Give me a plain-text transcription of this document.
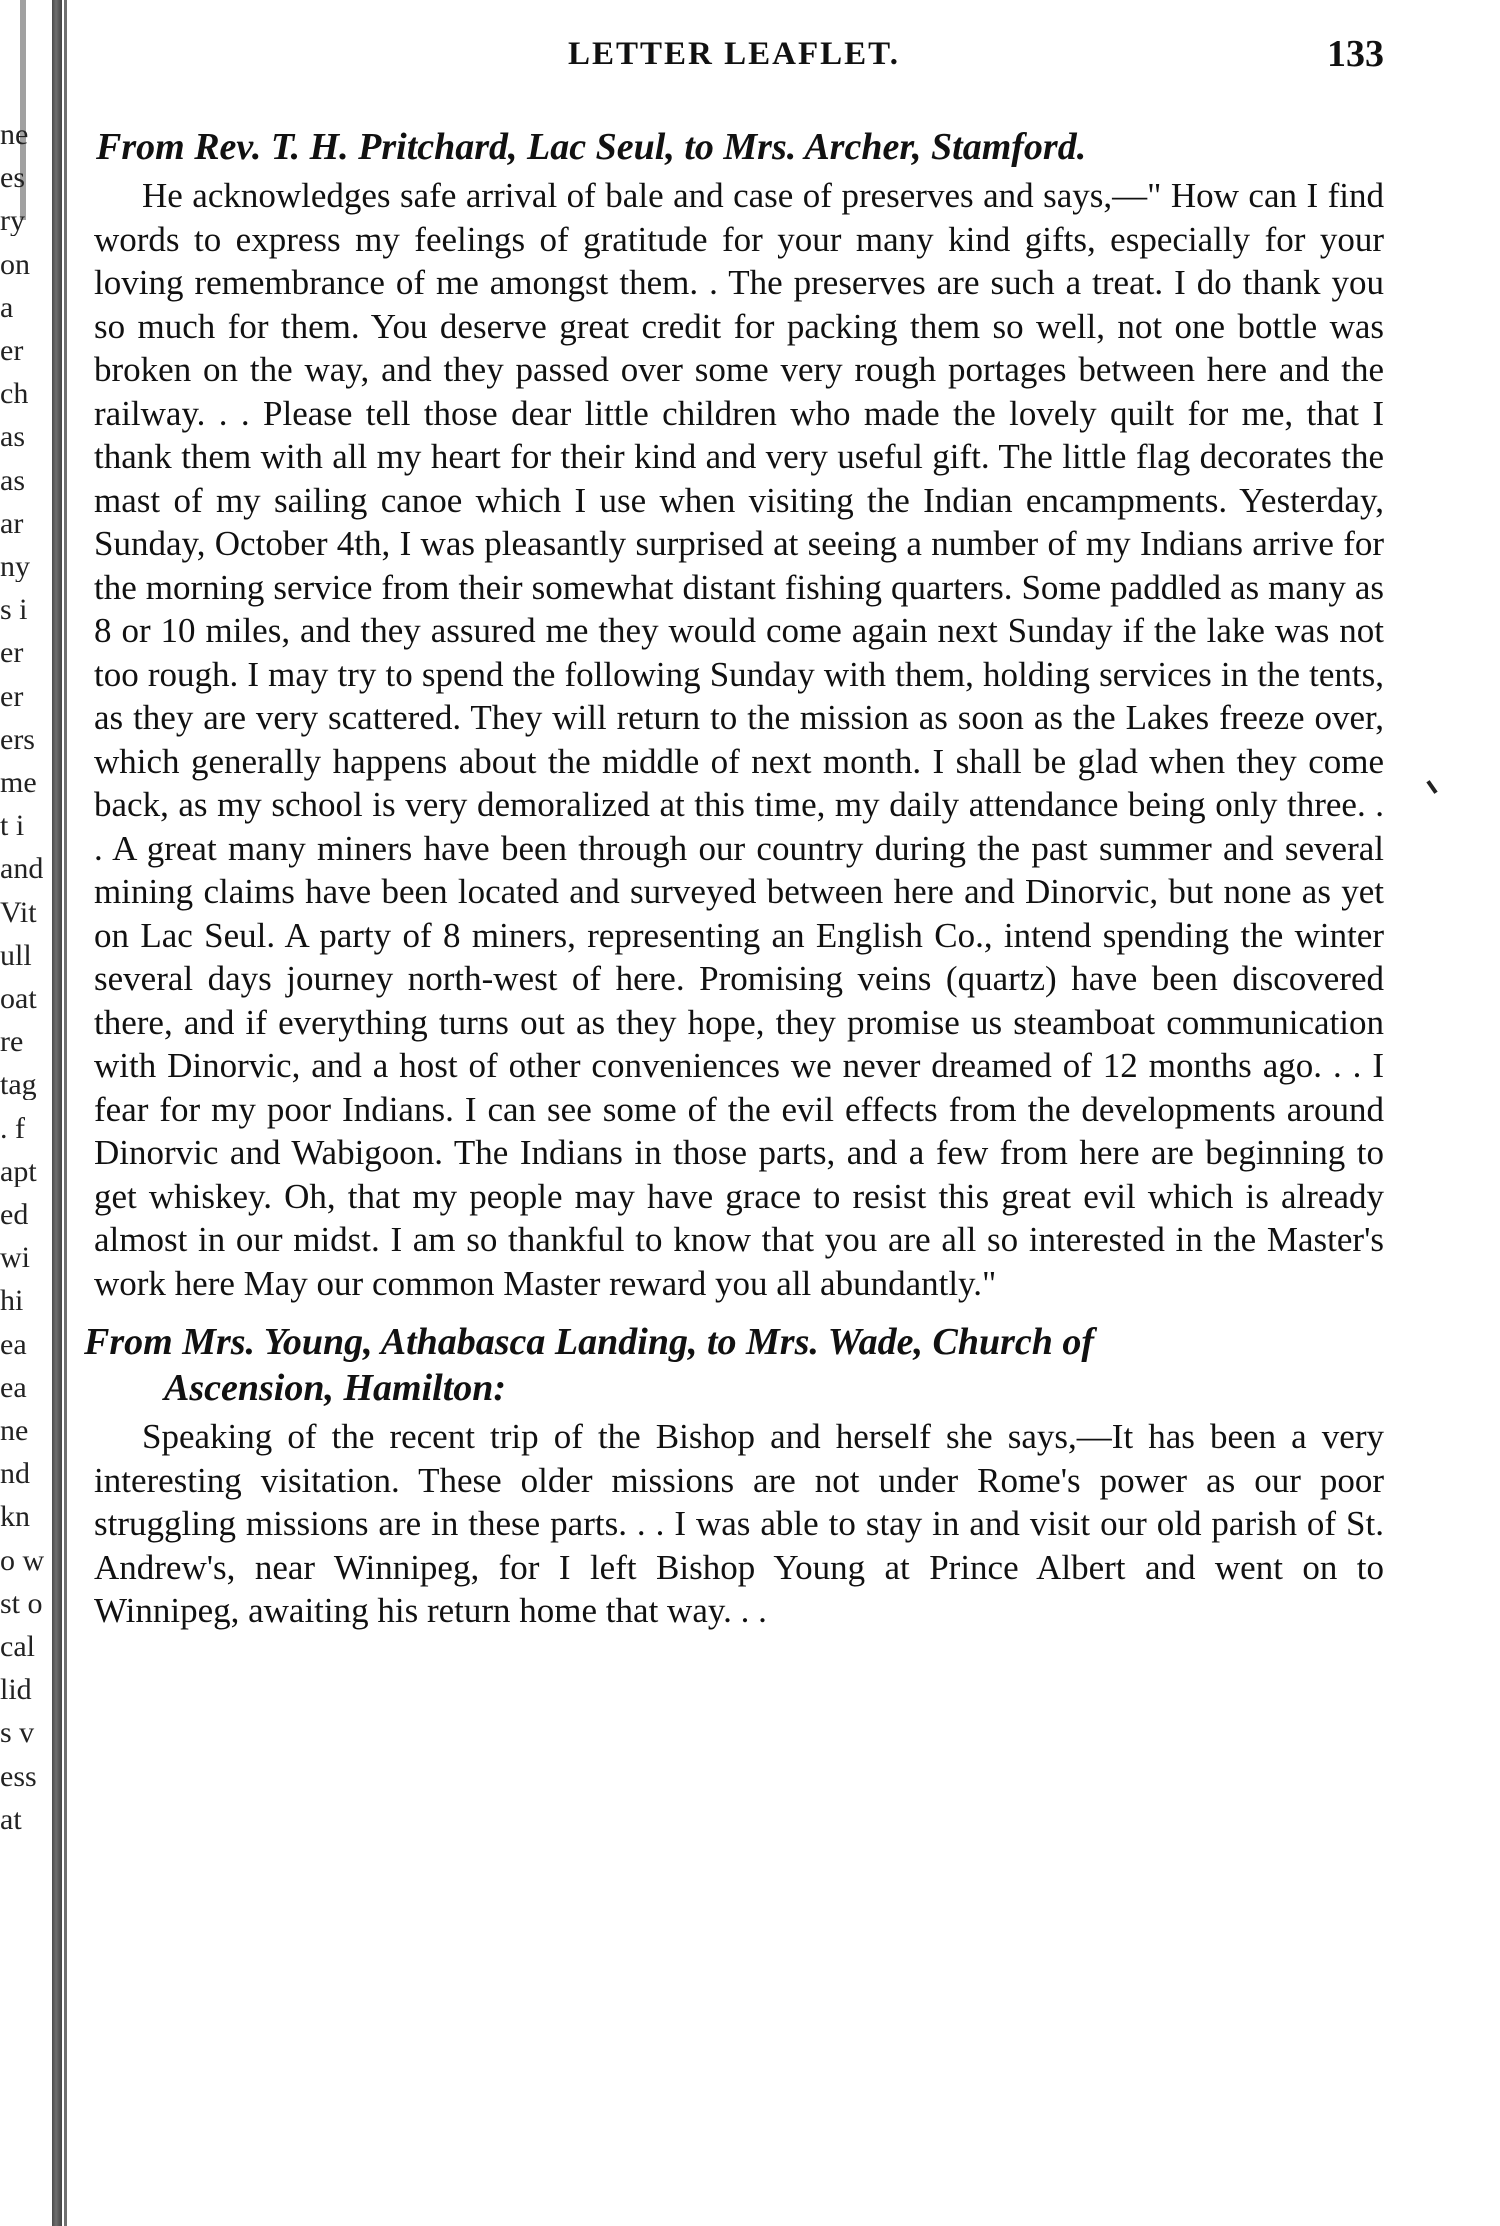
ne
es
ry
on
a
er
ch
as
as
ar
ny
s i
er
er
ers
me
t i
and
Vit
ull
oat
re
tag
. f
apt
ed
wi
hi
ea
ea
ne
nd
kn
o w
st o
cal
lid
s v
ess
at
LETTER LEAFLET.	133
From Rev. T. H. Pritchard, Lac Seul, to Mrs. Archer, Stamford.

He acknowledges safe arrival of bale and case of preserves and says,—" How can I find words to express my feelings of gratitude for your many kind gifts, especially for your loving remembrance of me amongst them. . The preserves are such a treat. I do thank you so much for them. You deserve great credit for packing them so well, not one bottle was broken on the way, and they passed over some very rough portages between here and the railway. . . Please tell those dear little children who made the lovely quilt for me, that I thank them with all my heart for their kind and very useful gift. The little flag decorates the mast of my sailing canoe which I use when visiting the Indian encampments. Yesterday, Sunday, October 4th, I was pleasantly surprised at seeing a number of my Indians arrive for the morning service from their somewhat distant fishing quarters. Some paddled as many as 8 or 10 miles, and they assured me they would come again next Sunday if the lake was not too rough. I may try to spend the following Sunday with them, holding services in the tents, as they are very scattered. They will return to the mission as soon as the Lakes freeze over, which generally happens about the middle of next month. I shall be glad when they come back, as my school is very demoralized at this time, my daily attendance being only three. . . A great many miners have been through our country during the past summer and several mining claims have been located and surveyed between here and Dinorvic, but none as yet on Lac Seul. A party of 8 miners, representing an English Co., intend spending the winter several days journey north-west of here. Promising veins (quartz) have been discovered there, and if everything turns out as they hope, they promise us steamboat communication with Dinorvic, and a host of other conveniences we never dreamed of 12 months ago. . . I fear for my poor Indians. I can see some of the evil effects from the developments around Dinorvic and Wabigoon. The Indians in those parts, and a few from here are beginning to get whiskey. Oh, that my people may have grace to resist this great evil which is already almost in our midst. I am so thankful to know that you are all so interested in the Master's work here May our common Master reward you all abundantly."

From Mrs. Young, Athabasca Landing, to Mrs. Wade, Church of
Ascension, Hamilton:

Speaking of the recent trip of the Bishop and herself she says,—It has been a very interesting visitation. These older missions are not under Rome's power as our poor struggling missions are in these parts. . . I was able to stay in and visit our old parish of St. Andrew's, near Winnipeg, for I left Bishop Young at Prince Albert and went on to Winnipeg, awaiting his return home that way. . .
